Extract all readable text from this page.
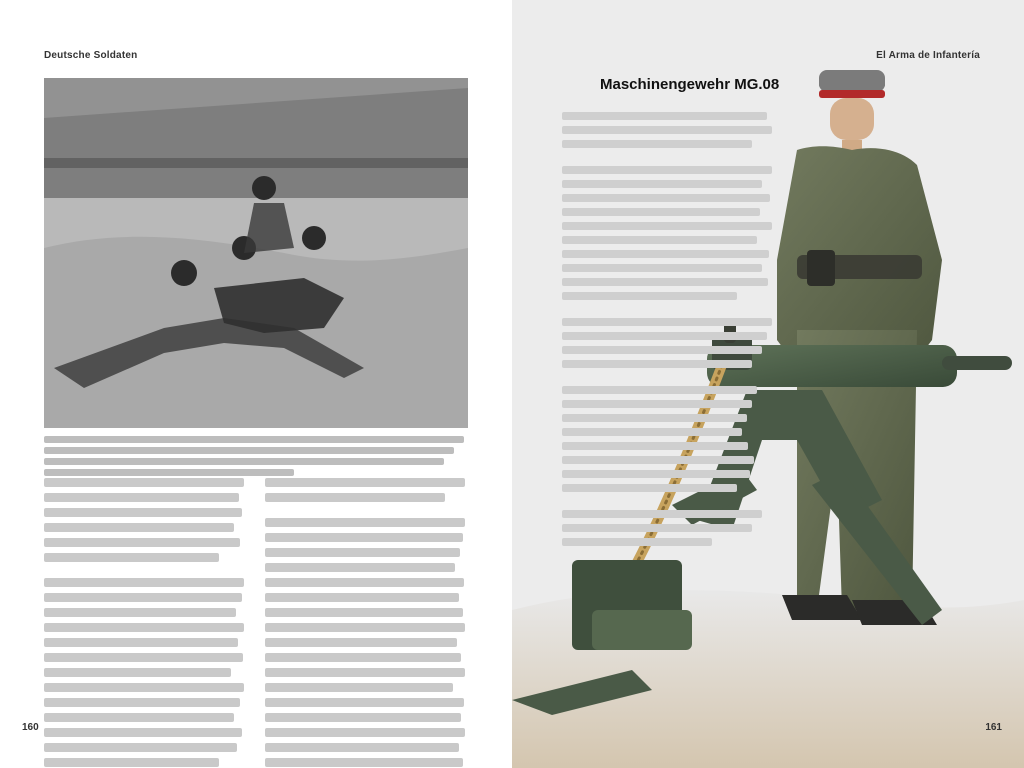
Deutsche Soldaten
160
El Arma de Infantería
Maschinengewehr MG.08
161
